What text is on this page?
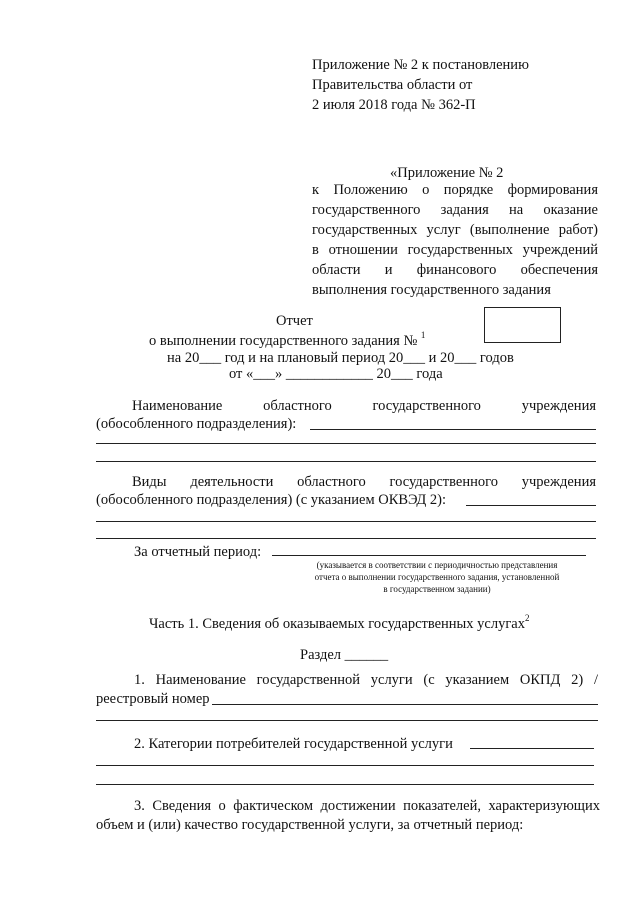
Приложение № 2 к постановлению
Правительства области от
2 июля 2018 года № 362-П
«Приложение № 2
к Положению о порядке формирования
государственного задания на оказание
государственных услуг (выполнение работ)
в отношении государственных учреждений
области и финансового обеспечения
выполнения государственного задания
Отчет
о выполнении государственного задания № $^1$
на 20___ год и на плановый период 20___ и 20___ годов
от «___» ____________ 20___ года
Наименование областного государственного учреждения
(обособленного подразделения):
Виды деятельности областного государственного учреждения
(обособленного подразделения) (с указанием ОКВЭД 2):
За отчетный период:
(указывается в соответствии с периодичностью представления
отчета о выполнении государственного задания, установленной
в государственном задании)
Часть 1. Сведения об оказываемых государственных услугах$^2$
Раздел ______
1. Наименование государственной услуги (с указанием ОКПД 2) /
реестровый номер
2. Категории потребителей государственной услуги
3. Сведения о фактическом достижении показателей, характеризующих
объем и (или) качество государственной услуги, за отчетный период:
